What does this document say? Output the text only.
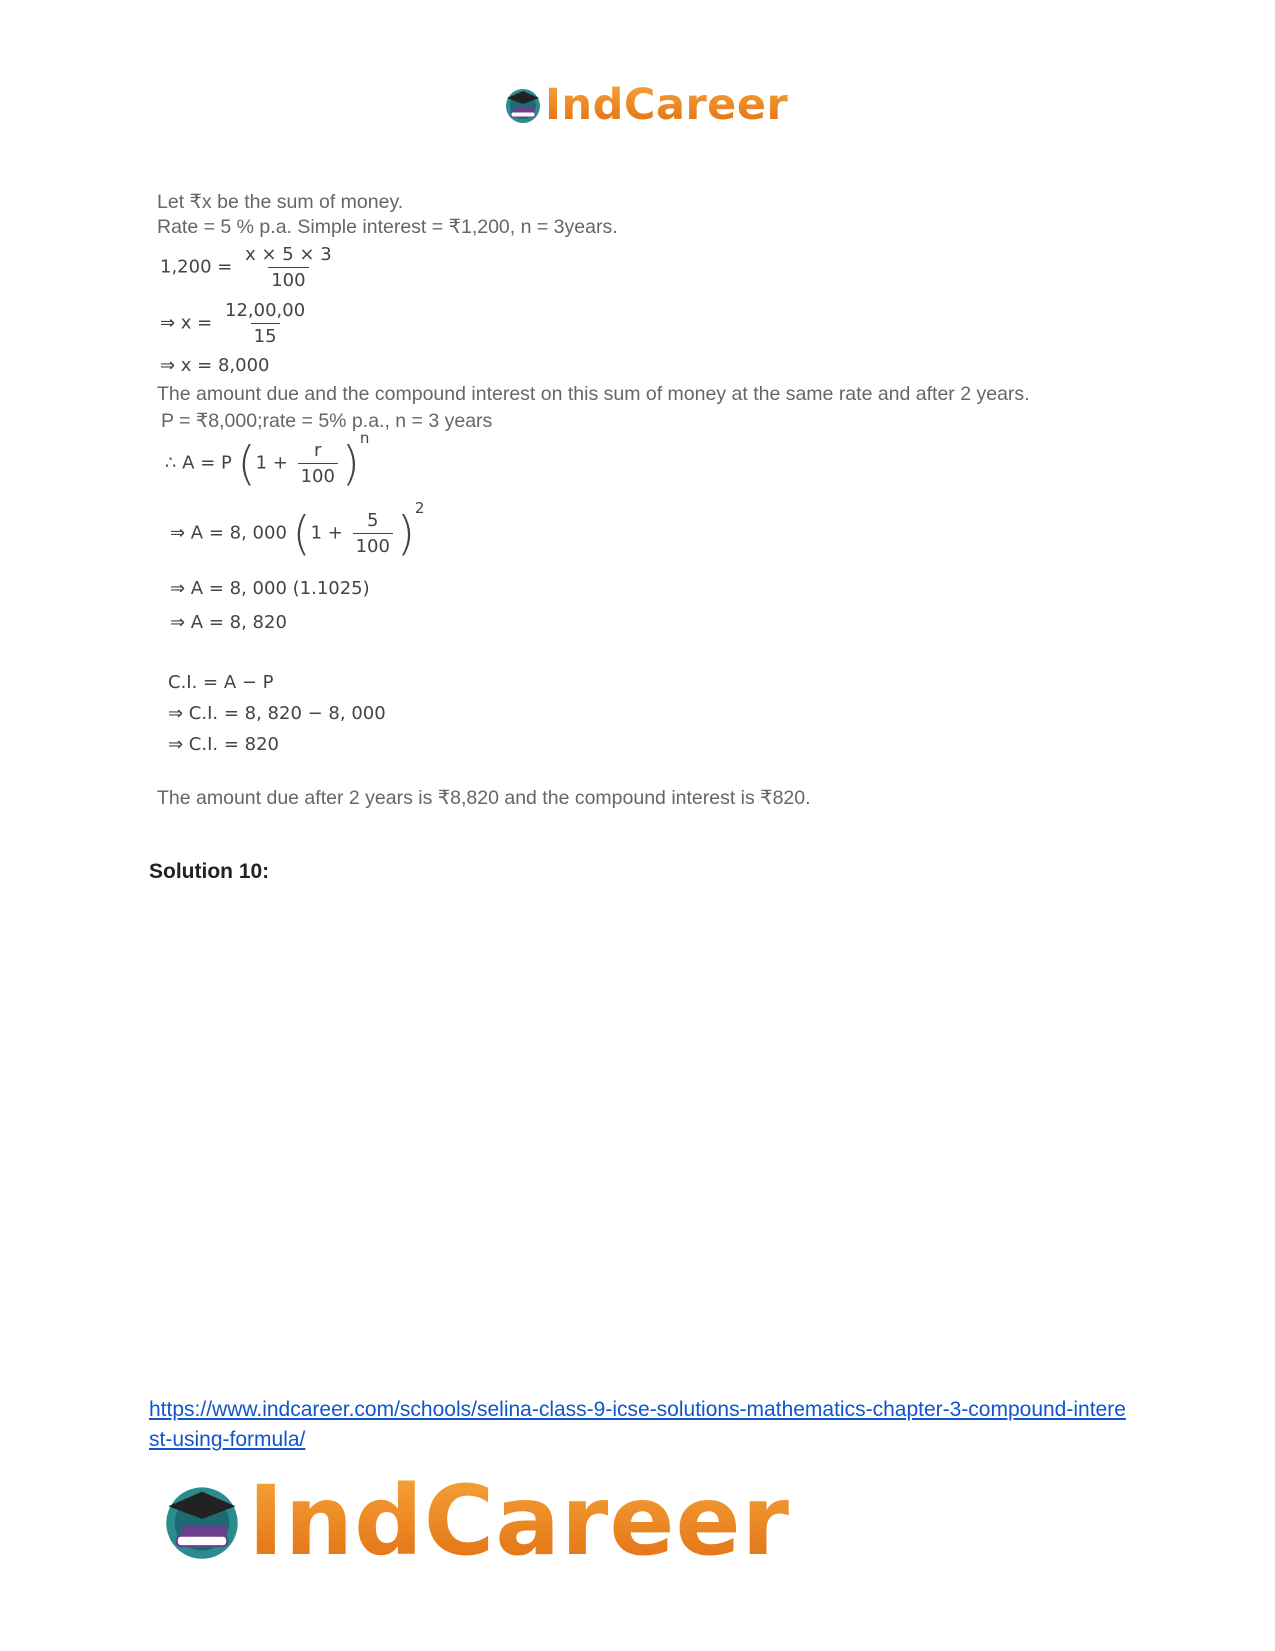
IndCareer
Let ₹x be the sum of money.
Rate = 5 % p.a. Simple interest = ₹1,200, n = 3years.
$1,200 = \frac{x \times 5 \times 3}{100}$
⇒ $x = \frac{12,00,00}{15}$
⇒ x = 8,000
The amount due and the compound interest on this sum of money at the same rate and after 2 years.
P = ₹8,000;rate = 5% p.a., n = 3 years
∴ A = P $(1 + \frac{r}{100} )^n$
⇒ A = 8, 000 $(1 + \frac{5}{100} )^2$
⇒ A = 8, 000 (1.1025)
⇒ A = 8, 820
C.I. = A − P
⇒ C.I. = 8, 820 − 8, 000
⇒ C.I. = 820
The amount due after 2 years is ₹8,820 and the compound interest is ₹820.
Solution 10:
https://www.indcareer.com/schools/selina-class-9-icse-solutions-mathematics-chapter-3-compound-interest-using-formula/
IndCareer
